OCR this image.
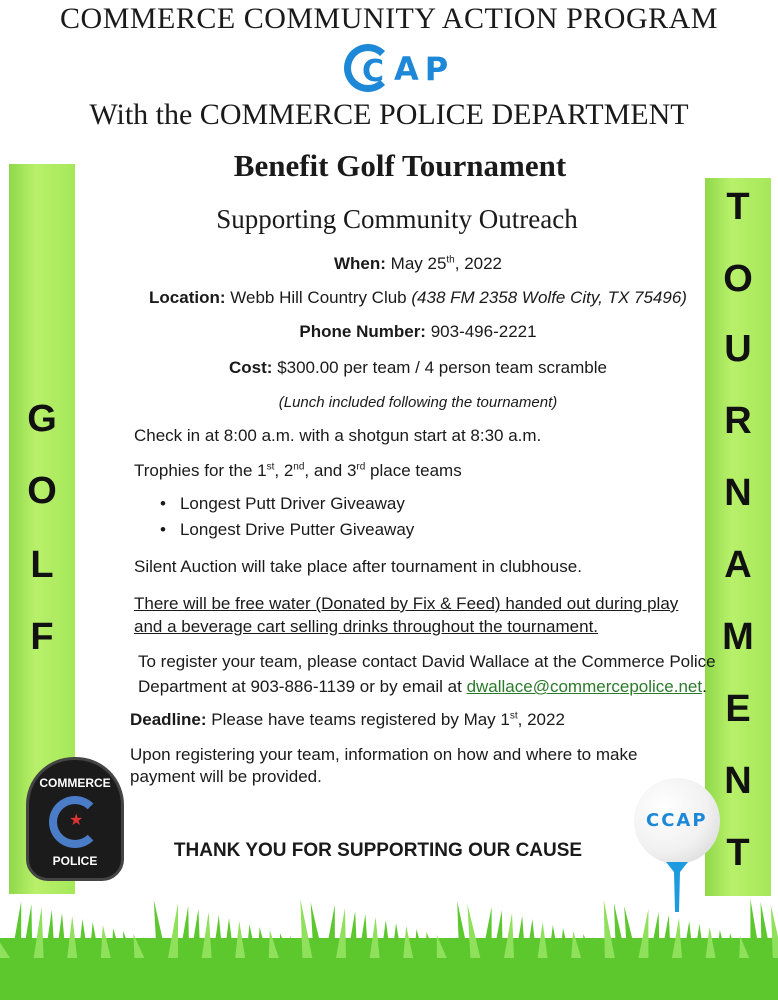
COMMERCE COMMUNITY ACTION PROGRAM
C AP
With the COMMERCE POLICE DEPARTMENT
G
O
L
F
T
O
U
R
N
A
M
E
N
T
Benefit Golf Tournament
Supporting Community Outreach
When: May 25th, 2022
Location: Webb Hill Country Club (438 FM 2358 Wolfe City, TX 75496)
Phone Number: 903-496-2221
Cost: $300.00 per team / 4 person team scramble
(Lunch included following the tournament)
Check in at 8:00 a.m. with a shotgun start at 8:30 a.m.
Trophies for the 1st, 2nd, and 3rd place teams
• Longest Putt Driver Giveaway
• Longest Drive Putter Giveaway
Silent Auction will take place after tournament in clubhouse.
There will be free water (Donated by Fix & Feed) handed out during play
and a beverage cart selling drinks throughout the tournament.
To register your team, please contact David Wallace at the Commerce Police
Department at 903-886-1139 or by email at dwallace@commercepolice.net.
Deadline: Please have teams registered by May 1st, 2022
Upon registering your team, information on how and where to make
payment will be provided.
COMMERCE
★
POLICE
CCAP
THANK YOU FOR SUPPORTING OUR CAUSE
